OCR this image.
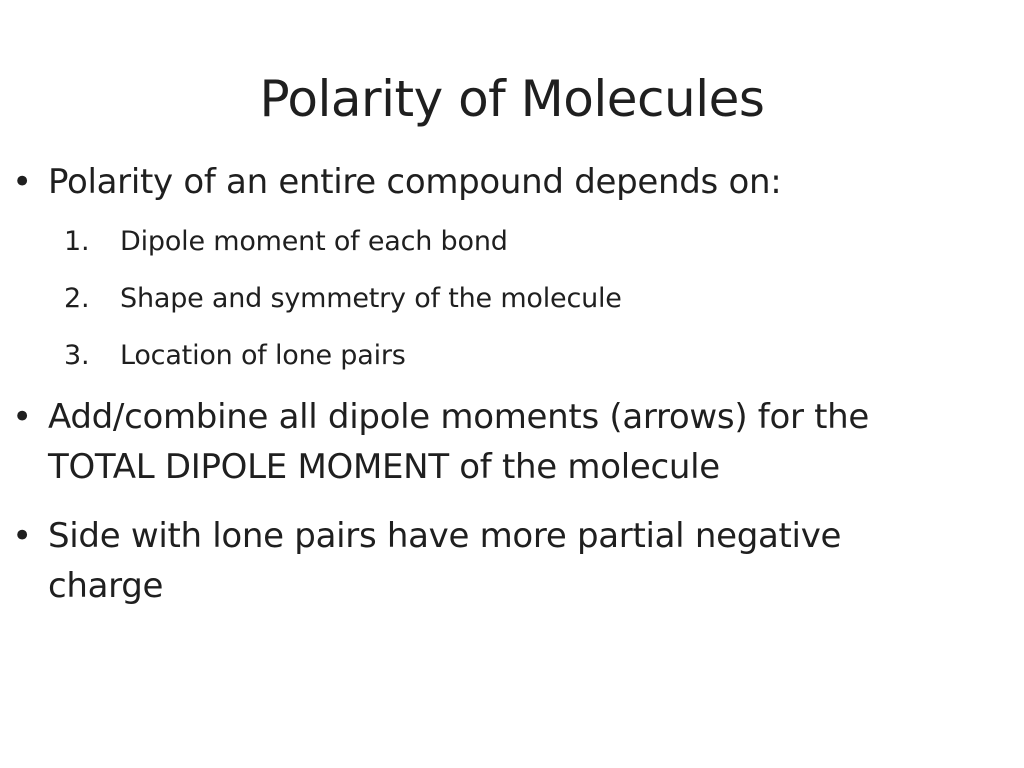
Polarity of Molecules
• Polarity of an entire compound depends on:
1. Dipole moment of each bond
2. Shape and symmetry of the molecule
3. Location of lone pairs
• Add/combine all dipole moments (arrows) for the
TOTAL DIPOLE MOMENT of the molecule
• Side with lone pairs have more partial negative
charge
